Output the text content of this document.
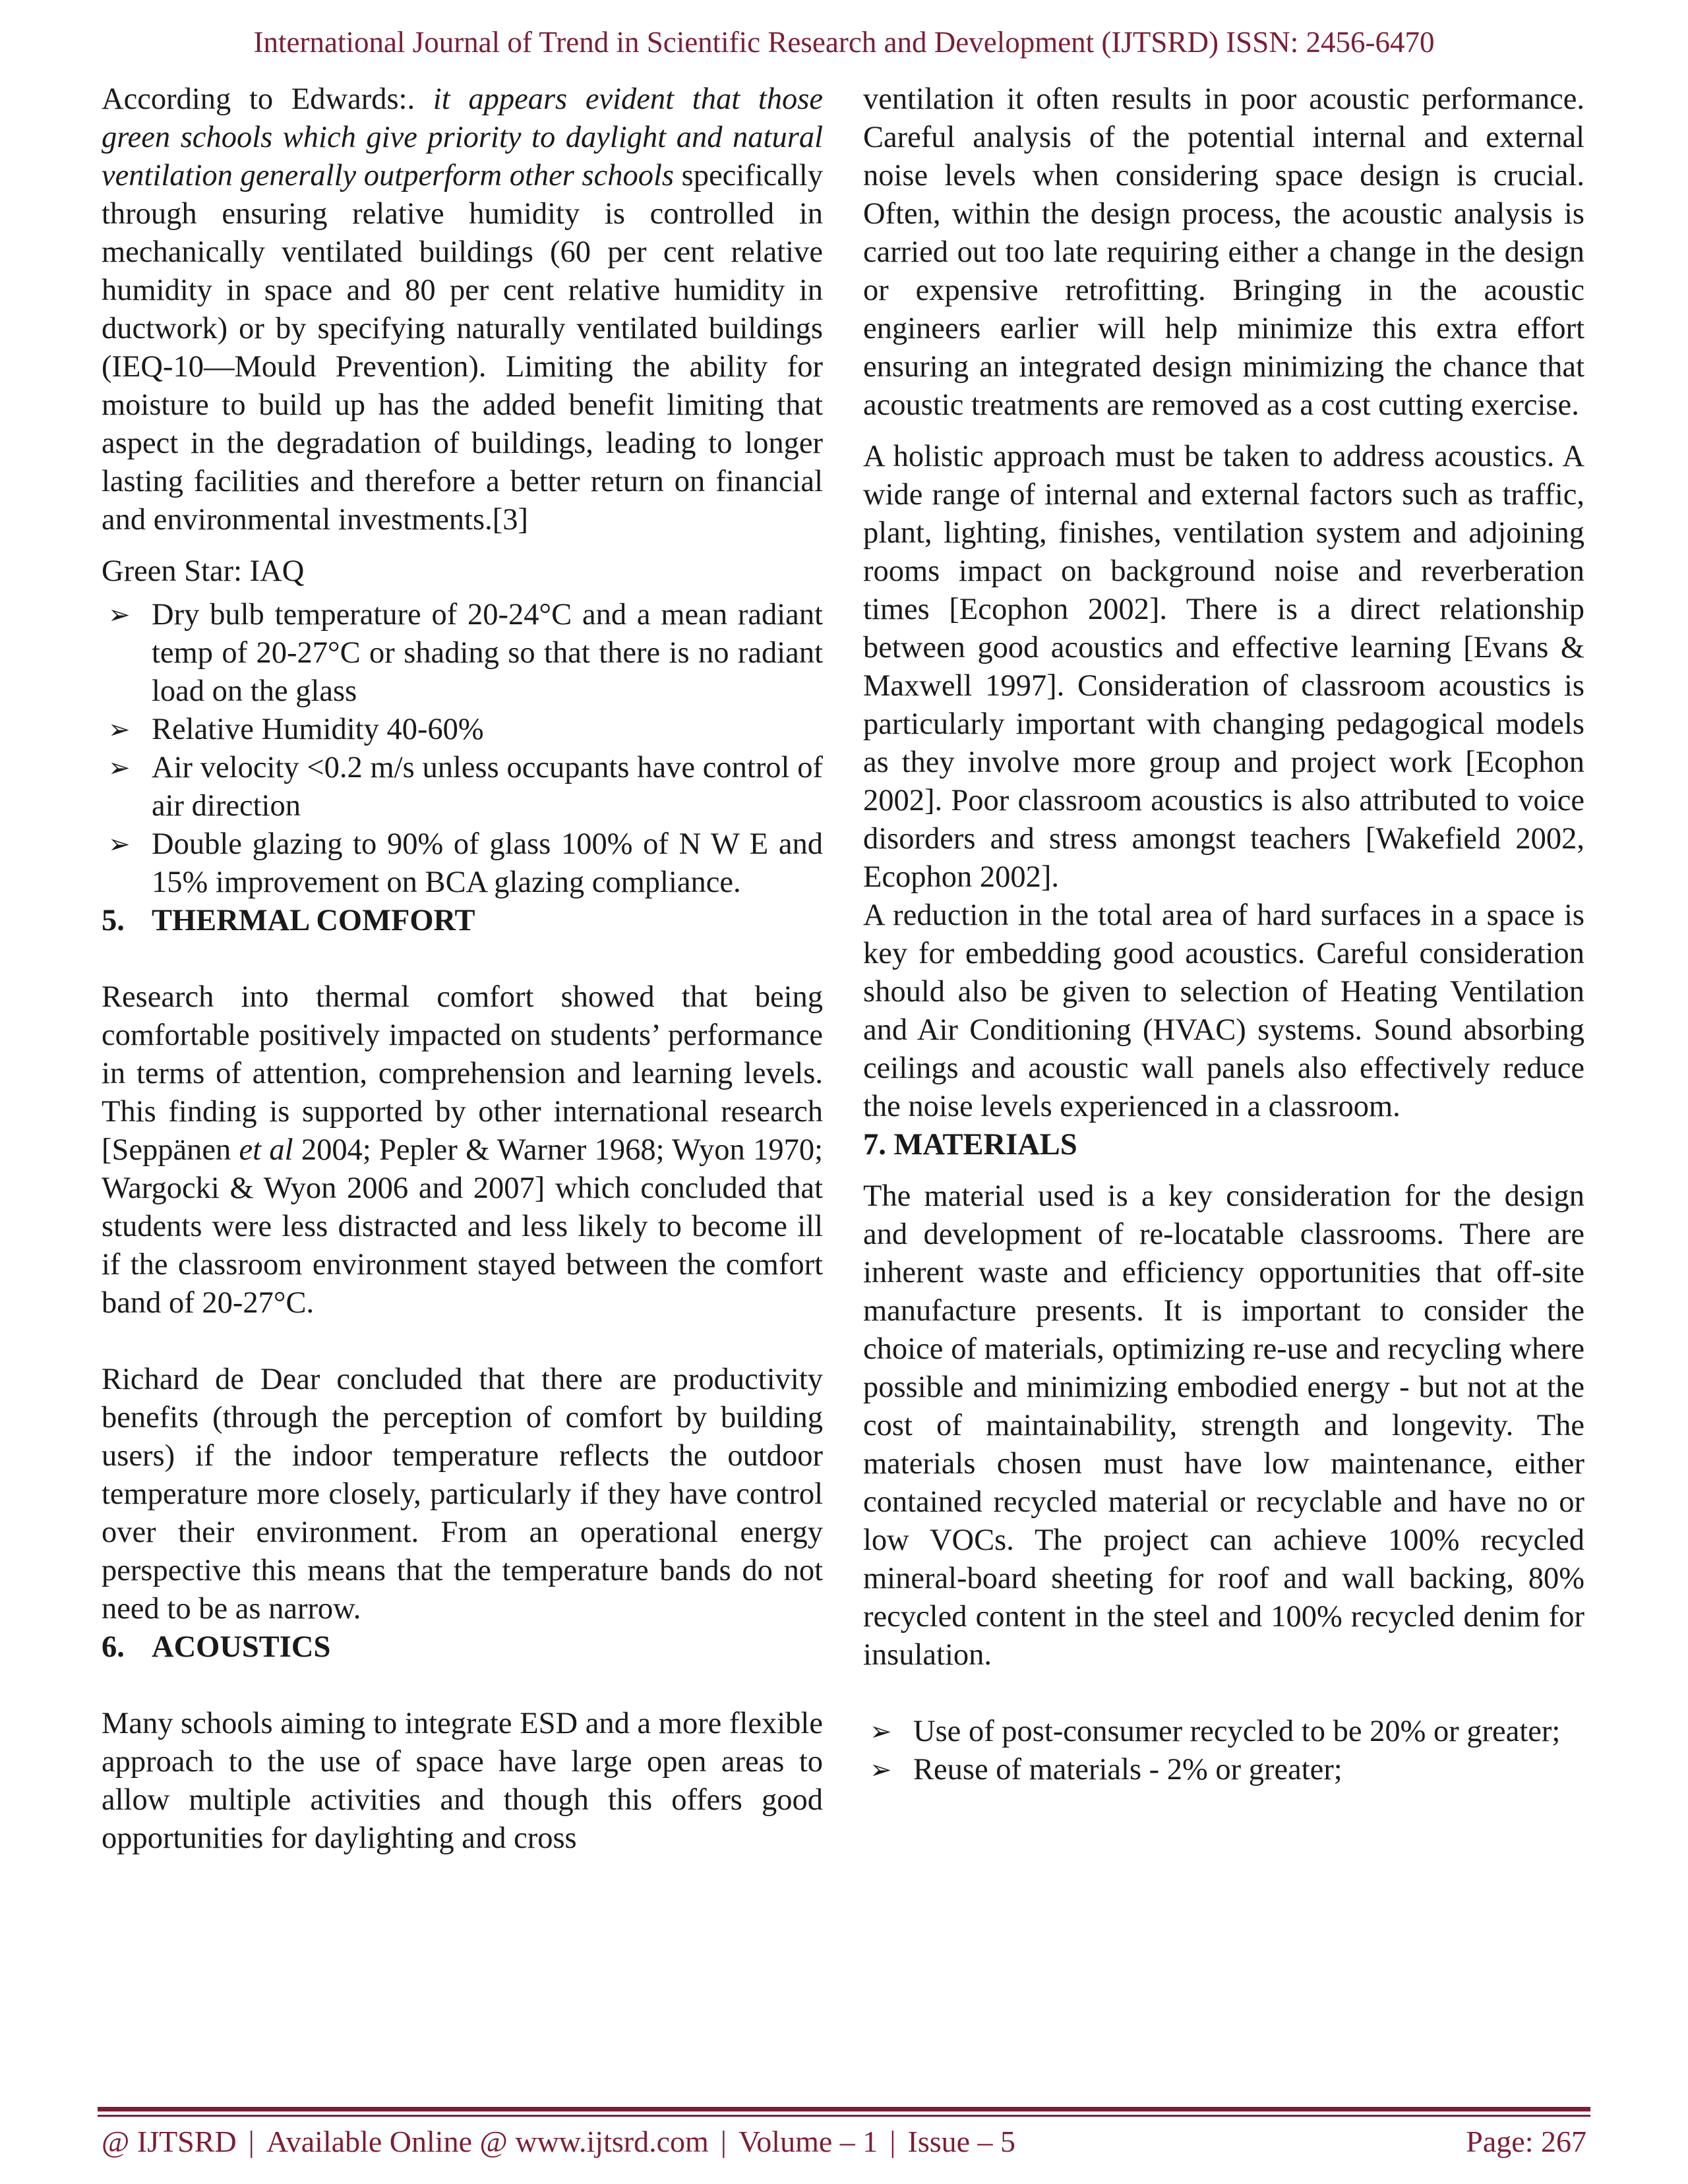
International Journal of Trend in Scientific Research and Development (IJTSRD) ISSN: 2456-6470

According to Edwards:. it appears evident that those green schools which give priority to daylight and natural ventilation generally outperform other schools specifically through ensuring relative humidity is controlled in mechanically ventilated buildings (60 per cent relative humidity in space and 80 per cent relative humidity in ductwork) or by specifying naturally ventilated buildings (IEQ‑10—Mould Prevention). Limiting the ability for moisture to build up has the added benefit limiting that aspect in the degradation of buildings, leading to longer lasting facilities and therefore a better return on financial and environmental investments.[3]

Green Star: IAQ

➢ Dry bulb temperature of 20-24°C and a mean radiant temp of 20-27°C or shading so that there is no radiant load on the glass
➢ Relative Humidity 40-60%
➢ Air velocity <0.2 m/s unless occupants have control of air direction
➢ Double glazing to 90% of glass 100% of N W E and 15% improvement on BCA glazing compliance.

5. THERMAL COMFORT

Research into thermal comfort showed that being comfortable positively impacted on students’ performance in terms of attention, comprehension and learning levels. This finding is supported by other international research [Seppänen et al 2004; Pepler & Warner 1968; Wyon 1970; Wargocki & Wyon 2006 and 2007] which concluded that students were less distracted and less likely to become ill if the classroom environment stayed between the comfort band of 20-27°C.

Richard de Dear concluded that there are productivity benefits (through the perception of comfort by building users) if the indoor temperature reflects the outdoor temperature more closely, particularly if they have control over their environment. From an operational energy perspective this means that the temperature bands do not need to be as narrow.

6. ACOUSTICS

Many schools aiming to integrate ESD and a more flexible approach to the use of space have large open areas to allow multiple activities and though this offers good opportunities for daylighting and cross

ventilation it often results in poor acoustic performance. Careful analysis of the potential internal and external noise levels when considering space design is crucial. Often, within the design process, the acoustic analysis is carried out too late requiring either a change in the design or expensive retrofitting. Bringing in the acoustic engineers earlier will help minimize this extra effort ensuring an integrated design minimizing the chance that acoustic treatments are removed as a cost cutting exercise.

A holistic approach must be taken to address acoustics. A wide range of internal and external factors such as traffic, plant, lighting, finishes, ventilation system and adjoining rooms impact on background noise and reverberation times [Ecophon 2002]. There is a direct relationship between good acoustics and effective learning [Evans & Maxwell 1997]. Consideration of classroom acoustics is particularly important with changing pedagogical models as they involve more group and project work [Ecophon 2002]. Poor classroom acoustics is also attributed to voice disorders and stress amongst teachers [Wakefield 2002, Ecophon 2002].

A reduction in the total area of hard surfaces in a space is key for embedding good acoustics. Careful consideration should also be given to selection of Heating Ventilation and Air Conditioning (HVAC) systems. Sound absorbing ceilings and acoustic wall panels also effectively reduce the noise levels experienced in a classroom.

7. MATERIALS

The material used is a key consideration for the design and development of re-locatable classrooms. There are inherent waste and efficiency opportunities that off-site manufacture presents. It is important to consider the choice of materials, optimizing re-use and recycling where possible and minimizing embodied energy - but not at the cost of maintainability, strength and longevity. The materials chosen must have low maintenance, either contained recycled material or recyclable and have no or low VOCs. The project can achieve 100% recycled mineral-board sheeting for roof and wall backing, 80% recycled content in the steel and 100% recycled denim for insulation.

➢ Use of post-consumer recycled to be 20% or greater;
➢ Reuse of materials - 2% or greater;
@ IJTSRD | Available Online @ www.ijtsrd.com | Volume – 1 | Issue – 5	Page: 267
